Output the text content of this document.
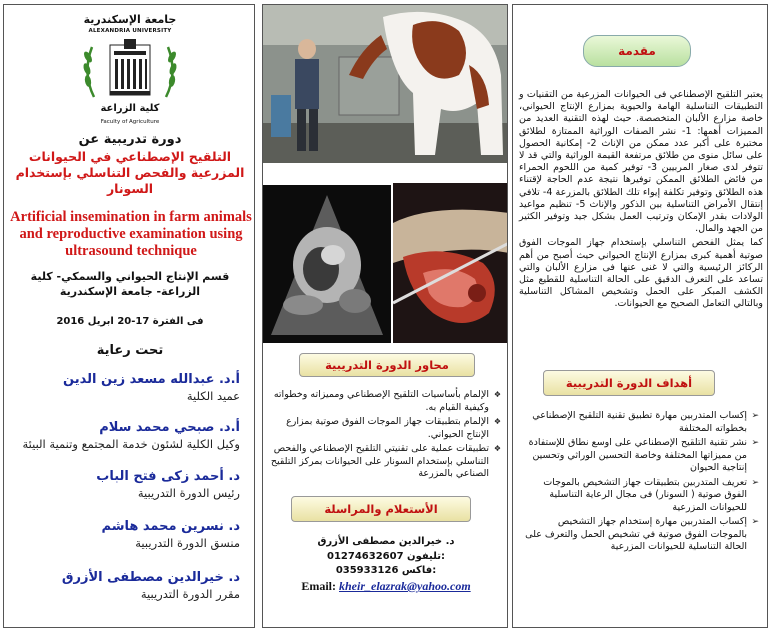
جامعة الإسكندرية
ALEXANDRIA UNIVERSITY
كلية الزراعة
Faculty of Agriculture
دورة تدريبية عن
التلقيح الإصطناعي في الحيوانات المزرعية والفحص التناسلي بإستخدام السونار
Artificial insemination in farm animals and reproductive examination using ultrasound technique
قسم الإنتاج الحيواني والسمكي- كلية الزراعة- جامعة الإسكندرية
فى الفترة 17-20 ابريل 2016
تحت رعاية
أ.د. عبدالله مسعد زين الدين
عميد الكلية
أ.د. صبحي محمد سلام
وكيل الكلية لشئون خدمة المجتمع وتنمية البيئة
د. أحمد زكى فتح الباب
رئيس الدورة التدريبية
د. نسرين محمد هاشم
منسق الدورة التدريبية
د. خيرالدين مصطفى الأزرق
مقرر الدورة التدريبية
محاور الدورة التدريبية
❖ الإلمام بأساسيات التلقيح الإصطناعي ومميزاته وخطواته وكيفية القيام به.
❖ الإلمام بتطبيقات جهاز الموجات الفوق صوتية بمزارع الإنتاج الحيواني.
❖ تطبيقات عملية على تقنيتي التلقيح الإصطناعي والفحص التناسلي بإستخدام السونار على الحيوانات بمركز التلقيح الصناعي بالمزرعة
الأستعلام والمراسلة
د. خيرالدين مصطفى الأزرق
01274632607 تليفون:
035933126 فاكس:
Email: kheir_elazrak@yahoo.com
مقدمة

يعتبر التلقيح الإصطناعي فى الحيوانات المزرعية من التقنيات و التطبيقات التناسلية الهامة والحيوية بمزارع الإنتاج الحيواني، خاصة مزارع الألبان المتخصصة. حيث لهذه التقنية العديد من المميزات أهمها: 1- نشر الصفات الوراثية الممتازة لطلائق مختبرة على أكبر عدد ممكن من الإناث 2- إمكانية الحصول على سائل منوى من طلائق مرتفعة القيمة الوراثية والتي قد لا تتوفر لدى صغار المربيين 3- توفير كمية من اللحوم الحمراء من فائض الطلائق الممكن توفيرها نتيجة عدم الحاجة لإقتناء هذه الطلائق وتوفير تكلفة إيواء تلك الطلائق بالمزرعة 4- تلافي إنتقال الأمراض التناسلية بين الذكور والإناث 5- تنظيم مواعيد الولادات بقدر الإمكان وترتيب العمل بشكل جيد وتوفير الكثير من الجهد والمال.

كما يمثل الفحص التناسلي بإستخدام جهاز الموجات الفوق صوتية أهمية كبرى بمزارع الإنتاج الحيواني حيث أصبح من أهم الركائز الرئيسية والتي لا غنى عنها فى مزارع الألبان والتي تساعد على التعرف الدقيق على الحالة التناسلية للقطيع مثل الكشف المبكر على الحمل وتشخيص المشاكل التناسلية وبالتالي التعامل الصحيح مع الحيوانات.

أهداف الدورة التدريبية
➢ إكساب المتدربين مهارة تطبيق تقنية التلقيح الإصطناعي بخطواته المختلفة
➢ نشر تقنية التلقيح الإصطناعي على اوسع نطاق للإستفادة من مميزاتها المختلفة وخاصة التحسين الوراثي وتحسين إنتاجية الحيوان
➢ تعريف المتدربين بتطبيقات جهاز التشخيص بالموجات الفوق صوتية ( السونار) فى مجال الرعاية التناسلية للحيوانات المزرعية
➢ إكساب المتدربين مهارة إستخدام جهاز التشخيص بالموجات الفوق صوتية في تشخيص الحمل والتعرف على الحالة التناسلية للحيوانات المزرعية
